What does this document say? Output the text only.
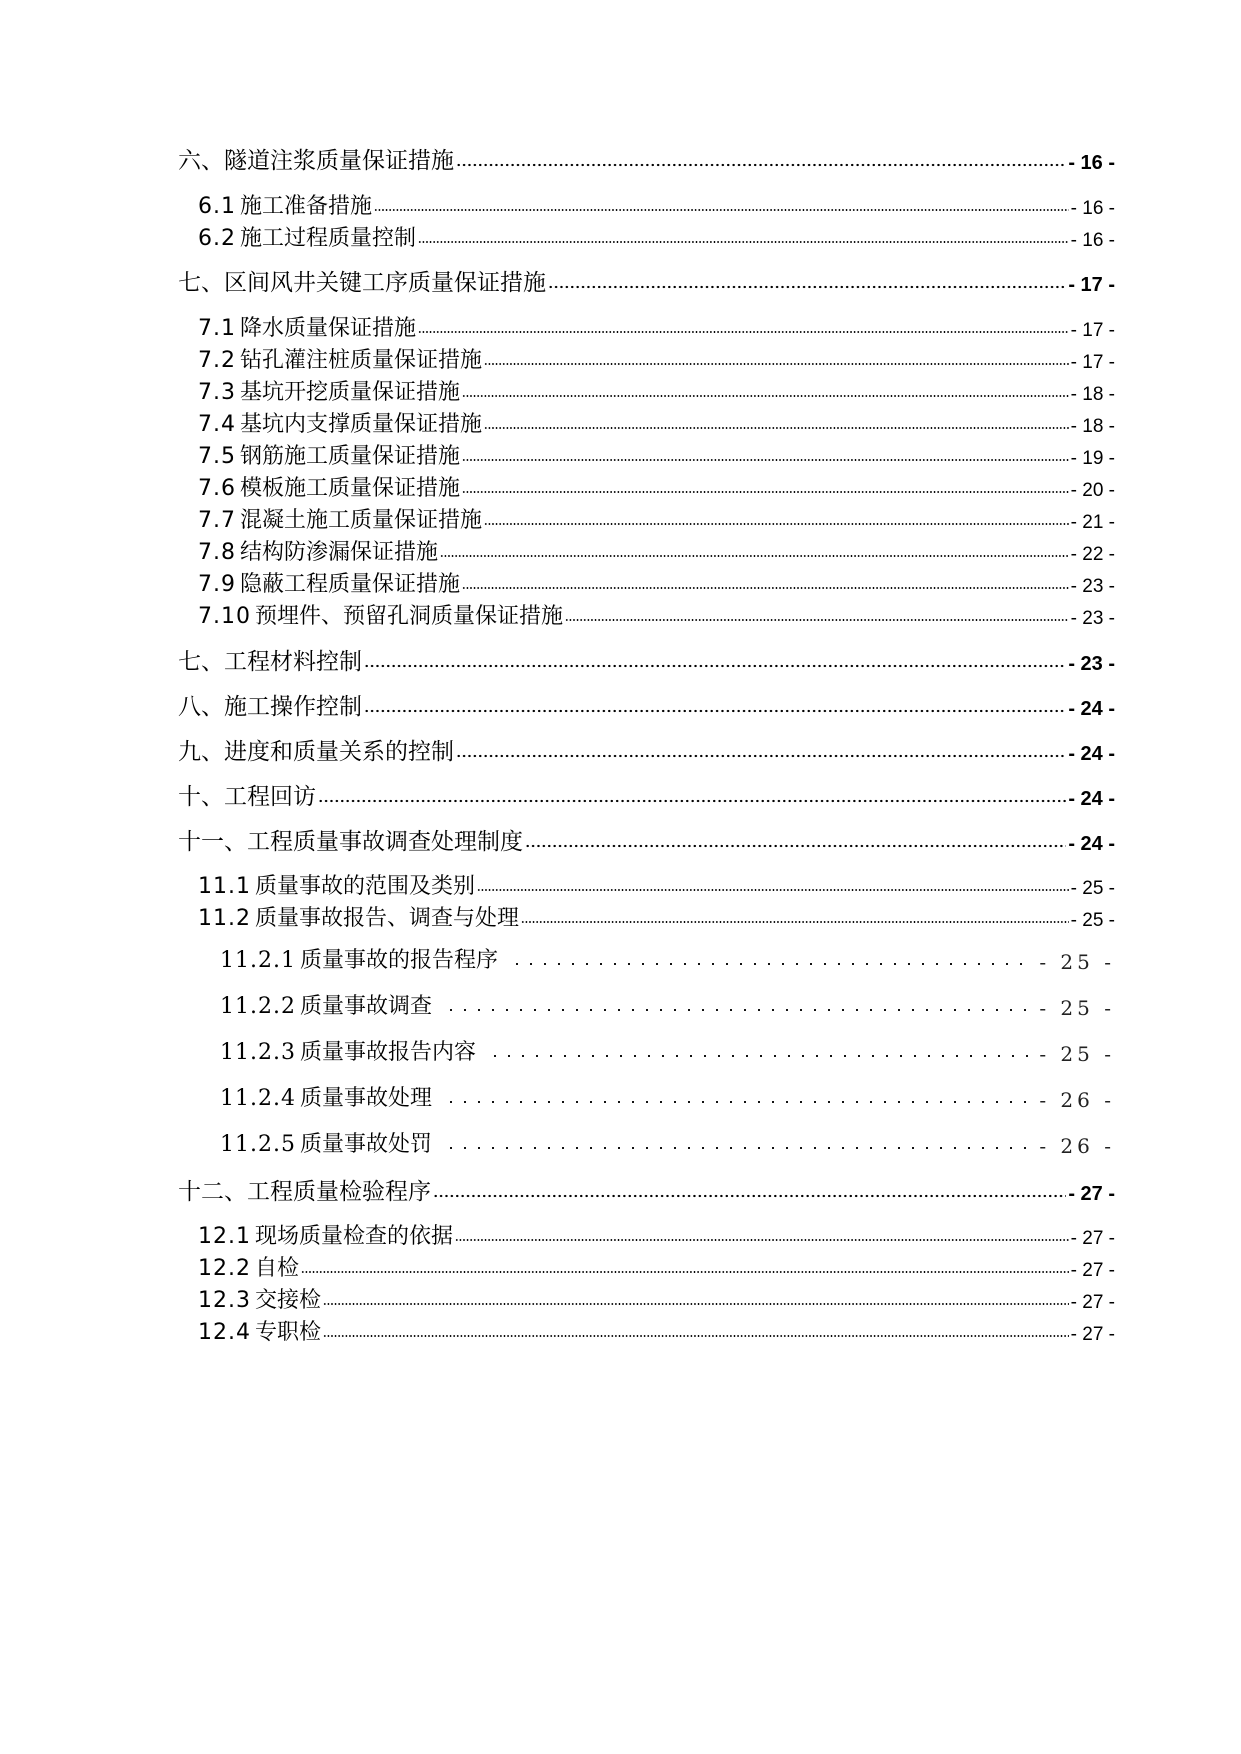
六、隧道注浆质量保证措施	- 16 -
6.1 施工准备措施	- 16 -
6.2 施工过程质量控制	- 16 -
七、区间风井关键工序质量保证措施	- 17 -
7.1 降水质量保证措施	- 17 -
7.2 钻孔灌注桩质量保证措施	- 17 -
7.3 基坑开挖质量保证措施	- 18 -
7.4 基坑内支撑质量保证措施	- 18 -
7.5 钢筋施工质量保证措施	- 19 -
7.6 模板施工质量保证措施	- 20 -
7.7 混凝土施工质量保证措施	- 21 -
7.8 结构防渗漏保证措施	- 22 -
7.9 隐蔽工程质量保证措施	- 23 -
7.10 预埋件、预留孔洞质量保证措施	- 23 -
七、工程材料控制	- 23 -
八、施工操作控制	- 24 -
九、进度和质量关系的控制	- 24 -
十、工程回访	- 24 -
十一、工程质量事故调查处理制度	- 24 -
11.1 质量事故的范围及类别	- 25 -
11.2 质量事故报告、调查与处理	- 25 -
11.2.1 质量事故的报告程序	- 25 -
11.2.2 质量事故调查	- 25 -
11.2.3 质量事故报告内容	- 25 -
11.2.4 质量事故处理	- 26 -
11.2.5 质量事故处罚	- 26 -
十二、工程质量检验程序	- 27 -
12.1 现场质量检查的依据	- 27 -
12.2 自检	- 27 -
12.3 交接检	- 27 -
12.4 专职检	- 27 -
